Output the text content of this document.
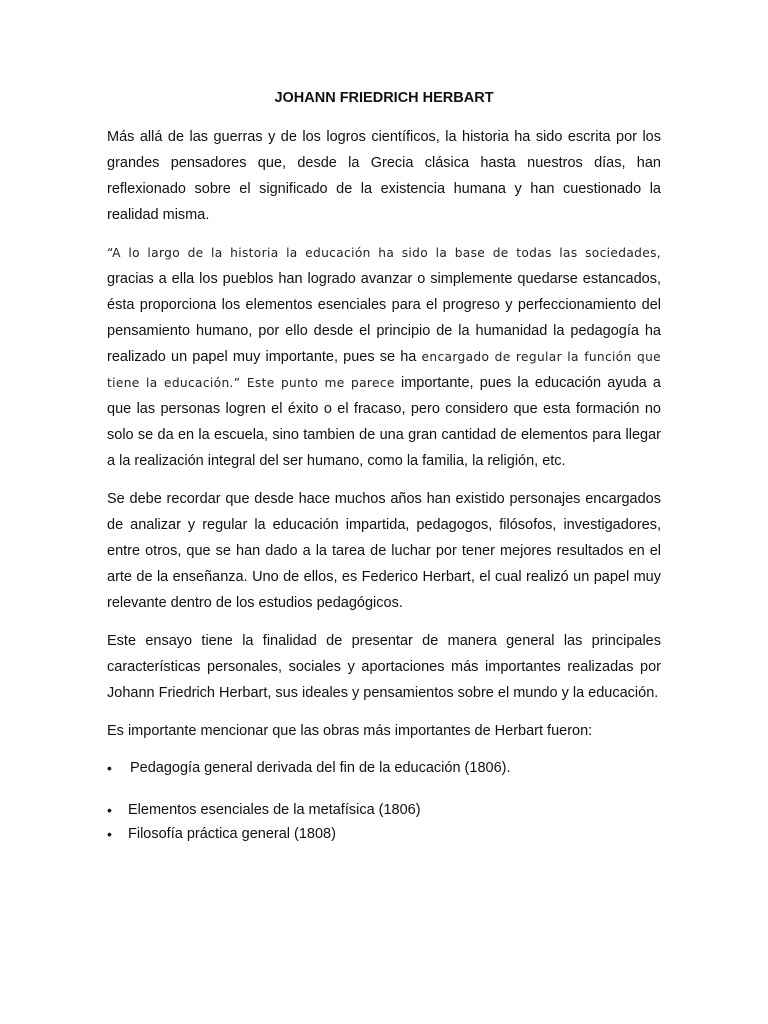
JOHANN FRIEDRICH HERBART

Más allá de las guerras y de los logros científicos, la historia ha sido escrita por los grandes pensadores que, desde la Grecia clásica hasta nuestros días, han reflexionado sobre el significado de la existencia humana y han cuestionado la realidad misma.

“A lo largo de la historia la educación ha sido la base de todas las sociedades, gracias a ella los pueblos han logrado avanzar o simplemente quedarse estancados, ésta proporciona los elementos esenciales para el progreso y perfeccionamiento del pensamiento humano, por ello desde el principio de la humanidad la pedagogía ha realizado un papel muy importante, pues se ha encargado de regular la función que tiene la educación.” Este punto me parece importante, pues la educación ayuda a que las personas logren el éxito o el fracaso, pero considero que esta formación no solo se da en la escuela, sino tambien de una gran cantidad de elementos para llegar a la realización integral del ser humano, como la familia, la religión, etc.

Se debe recordar que desde hace muchos años han existido personajes encargados de analizar y regular la educación impartida, pedagogos, filósofos, investigadores, entre otros, que se han dado a la tarea de luchar por tener mejores resultados en el arte de la enseñanza. Uno de ellos, es Federico Herbart, el cual realizó un papel muy relevante dentro de los estudios pedagógicos.

Este ensayo tiene la finalidad de presentar de manera general las principales características personales, sociales y aportaciones más importantes realizadas por Johann Friedrich Herbart, sus ideales y pensamientos sobre el mundo y la educación.

Es importante mencionar que las obras más importantes de Herbart fueron:

• Pedagogía general derivada del fin de la educación (1806).
• Elementos esenciales de la metafísica (1806)
• Filosofía práctica general (1808)
